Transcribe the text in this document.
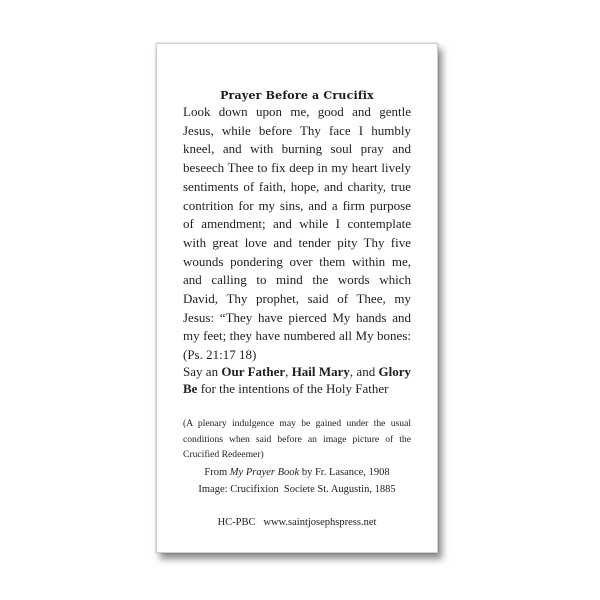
Prayer Before a Crucifix

Look down upon me, good and gentle Jesus, while before Thy face I humbly kneel, and with burning soul pray and beseech Thee to fix deep in my heart lively sentiments of faith, hope, and charity, true contrition for my sins, and a firm purpose of amendment; and while I contemplate with great love and tender pity Thy five wounds pondering over them within me, and calling to mind the words which David, Thy prophet, said of Thee, my Jesus: “They have pierced My hands and my feet; they have numbered all My bones: (Ps. 21:17 18)

Say an Our Father, Hail Mary, and Glory Be for the intentions of the Holy Father

(A plenary indulgence may be gained under the usual conditions when said before an image picture of the Crucified Redeemer)

From My Prayer Book by Fr. Lasance, 1908
Image: Crucifixion  Societe St. Augustin, 1885
HC-PBC   www.saintjosephspress.net
